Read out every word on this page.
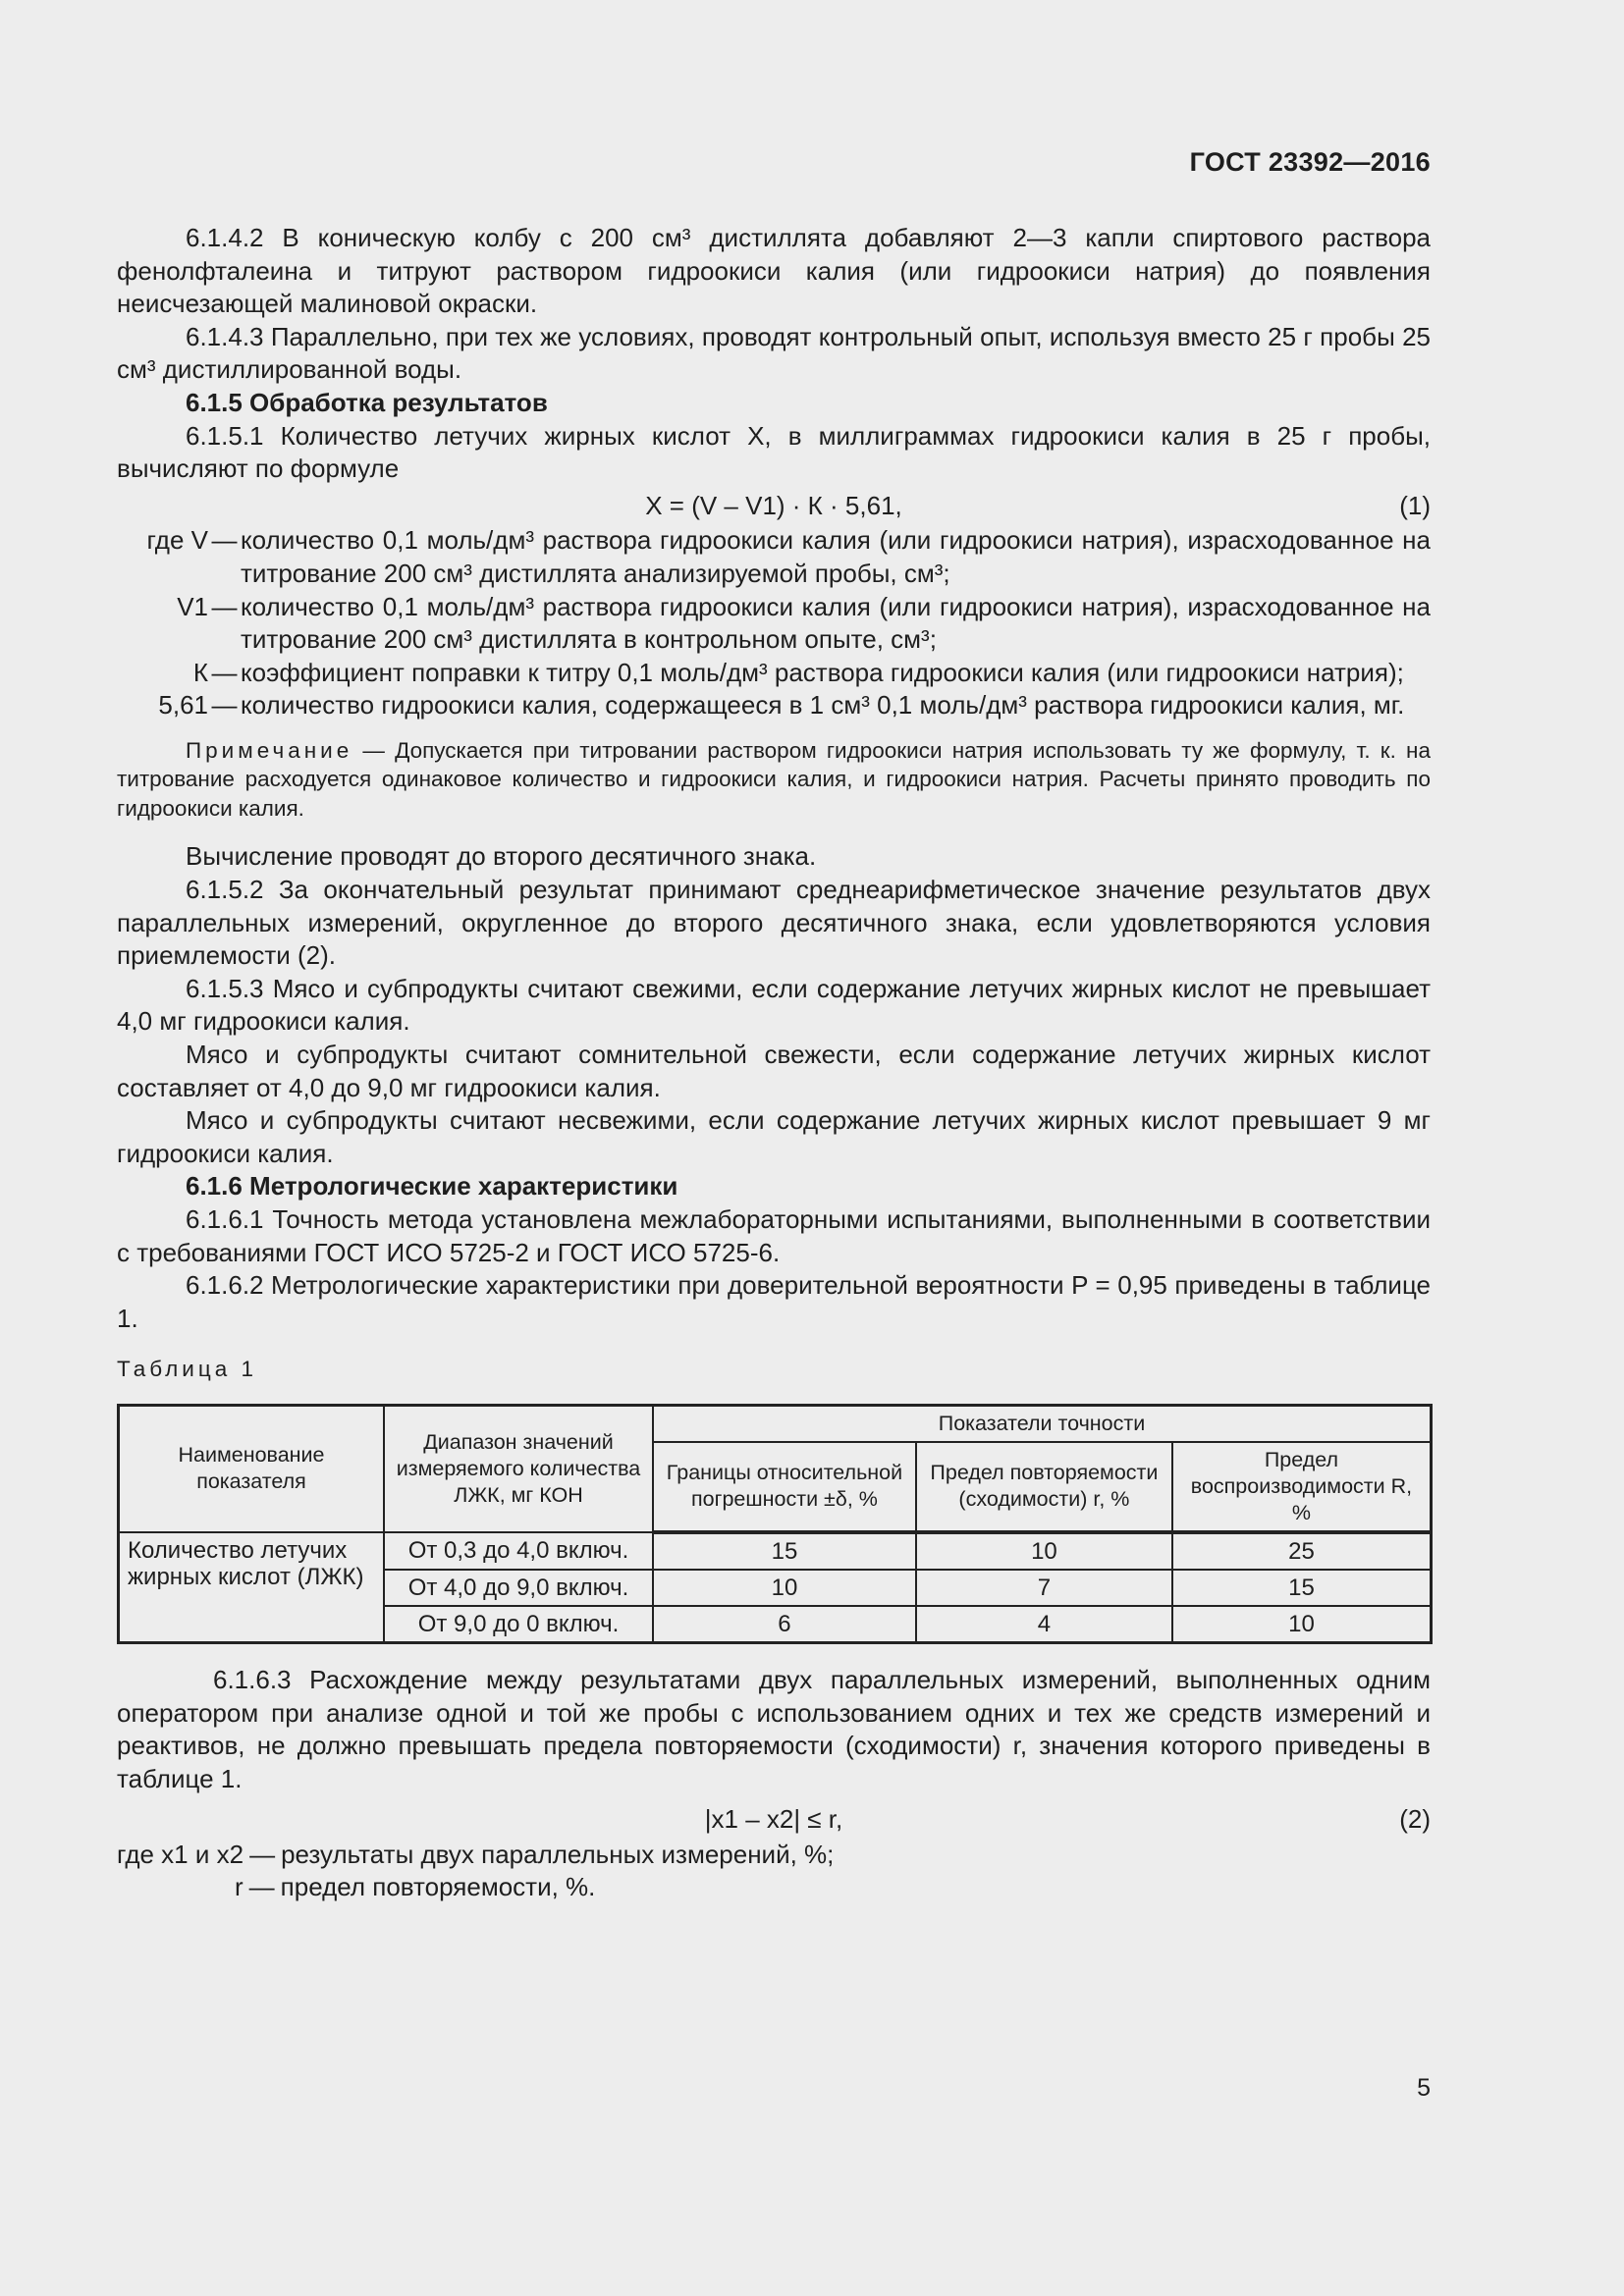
ГОСТ 23392—2016

6.1.4.2 В коническую колбу с 200 см³ дистиллята добавляют 2—3 капли спиртового раствора фенолфталеина и титруют раствором гидроокиси калия (или гидроокиси натрия) до появления неисчезающей малиновой окраски.

6.1.4.3 Параллельно, при тех же условиях, проводят контрольный опыт, используя вместо 25 г пробы 25 см³ дистиллированной воды.

6.1.5 Обработка результатов

6.1.5.1 Количество летучих жирных кислот X, в миллиграммах гидроокиси калия в 25 г пробы, вычисляют по формуле

X = (V – V1) · К · 5,61,	(1)
где V — количество 0,1 моль/дм³ раствора гидроокиси калия (или гидроокиси натрия), израсходованное на титрование 200 см³ дистиллята анализируемой пробы, см³;
V1 — количество 0,1 моль/дм³ раствора гидроокиси калия (или гидроокиси натрия), израсходованное на титрование 200 см³ дистиллята в контрольном опыте, см³;
К — коэффициент поправки к титру 0,1 моль/дм³ раствора гидроокиси калия (или гидроокиси натрия);
5,61 — количество гидроокиси калия, содержащееся в 1 см³ 0,1 моль/дм³ раствора гидроокиси калия, мг.

Примечание — Допускается при титровании раствором гидроокиси натрия использовать ту же формулу, т. к. на титрование расходуется одинаковое количество и гидроокиси калия, и гидроокиси натрия. Расчеты принято проводить по гидроокиси калия.

Вычисление проводят до второго десятичного знака.

6.1.5.2 За окончательный результат принимают среднеарифметическое значение результатов двух параллельных измерений, округленное до второго десятичного знака, если удовлетворяются условия приемлемости (2).

6.1.5.3 Мясо и субпродукты считают свежими, если содержание летучих жирных кислот не превышает 4,0 мг гидроокиси калия.

Мясо и субпродукты считают сомнительной свежести, если содержание летучих жирных кислот составляет от 4,0 до 9,0 мг гидроокиси калия.

Мясо и субпродукты считают несвежими, если содержание летучих жирных кислот превышает 9 мг гидроокиси калия.

6.1.6 Метрологические характеристики

6.1.6.1 Точность метода установлена межлабораторными испытаниями, выполненными в соответствии с требованиями ГОСТ ИСО 5725-2 и ГОСТ ИСО 5725-6.

6.1.6.2 Метрологические характеристики при доверительной вероятности P = 0,95 приведены в таблице 1.

Таблица 1
Наименование показателя	Диапазон значений измеряемого количества ЛЖК, мг КОН	Показатели точности		
		Границы относительной погрешности ±δ, %	Предел повторяемости (сходимости) r, %	Предел воспроизводимости R, %
Количество летучих жирных кислот (ЛЖК)	От 0,3 до 4,0 включ.	15	10	25
	От 4,0 до 9,0 включ.	10	7	15
	От 9,0 до 0 включ.	6	4	10

6.1.6.3 Расхождение между результатами двух параллельных измерений, выполненных одним оператором при анализе одной и той же пробы с использованием одних и тех же средств измерений и реактивов, не должно превышать предела повторяемости (сходимости) r, значения которого приведены в таблице 1.

|x1 – x2| ≤ r,	(2)
где x1 и x2 — результаты двух параллельных измерений, %;
r — предел повторяемости, %.
5
